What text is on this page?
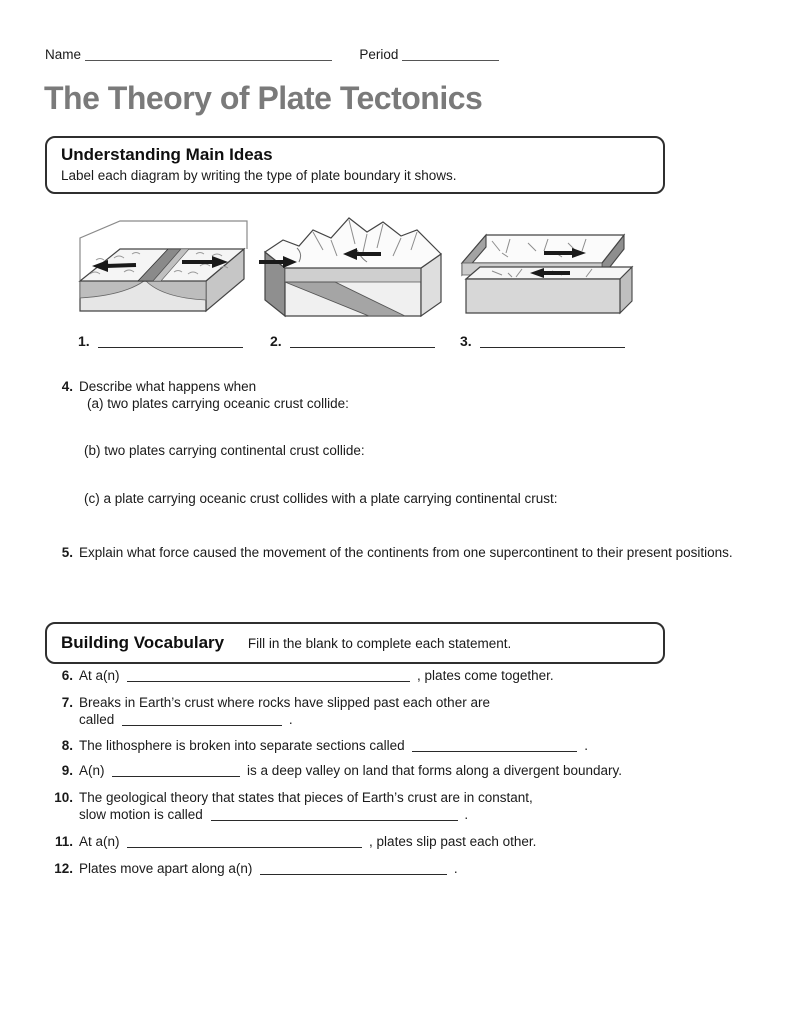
Name	Period
The Theory of Plate Tectonics
Understanding Main Ideas
Label each diagram by writing the type of plate boundary it shows.
1.	2.	3.
4. Describe what happens when
(a) two plates carrying oceanic crust collide:
(b) two plates carrying continental crust collide:
(c) a plate carrying oceanic crust collides with a plate carrying continental crust:
5. Explain what force caused the movement of the continents from one supercontinent to their present positions.
Building Vocabulary Fill in the blank to complete each statement.
6. At a(n)	, plates come together.
7. Breaks in Earth’s crust where rocks have slipped past each other are
called	.
8. The lithosphere is broken into separate sections called	.
9. A(n)	is a deep valley on land that forms along a divergent boundary.
10. The geological theory that states that pieces of Earth’s crust are in constant,
slow motion is called	.
11. At a(n)	, plates slip past each other.
12. Plates move apart along a(n)	.
